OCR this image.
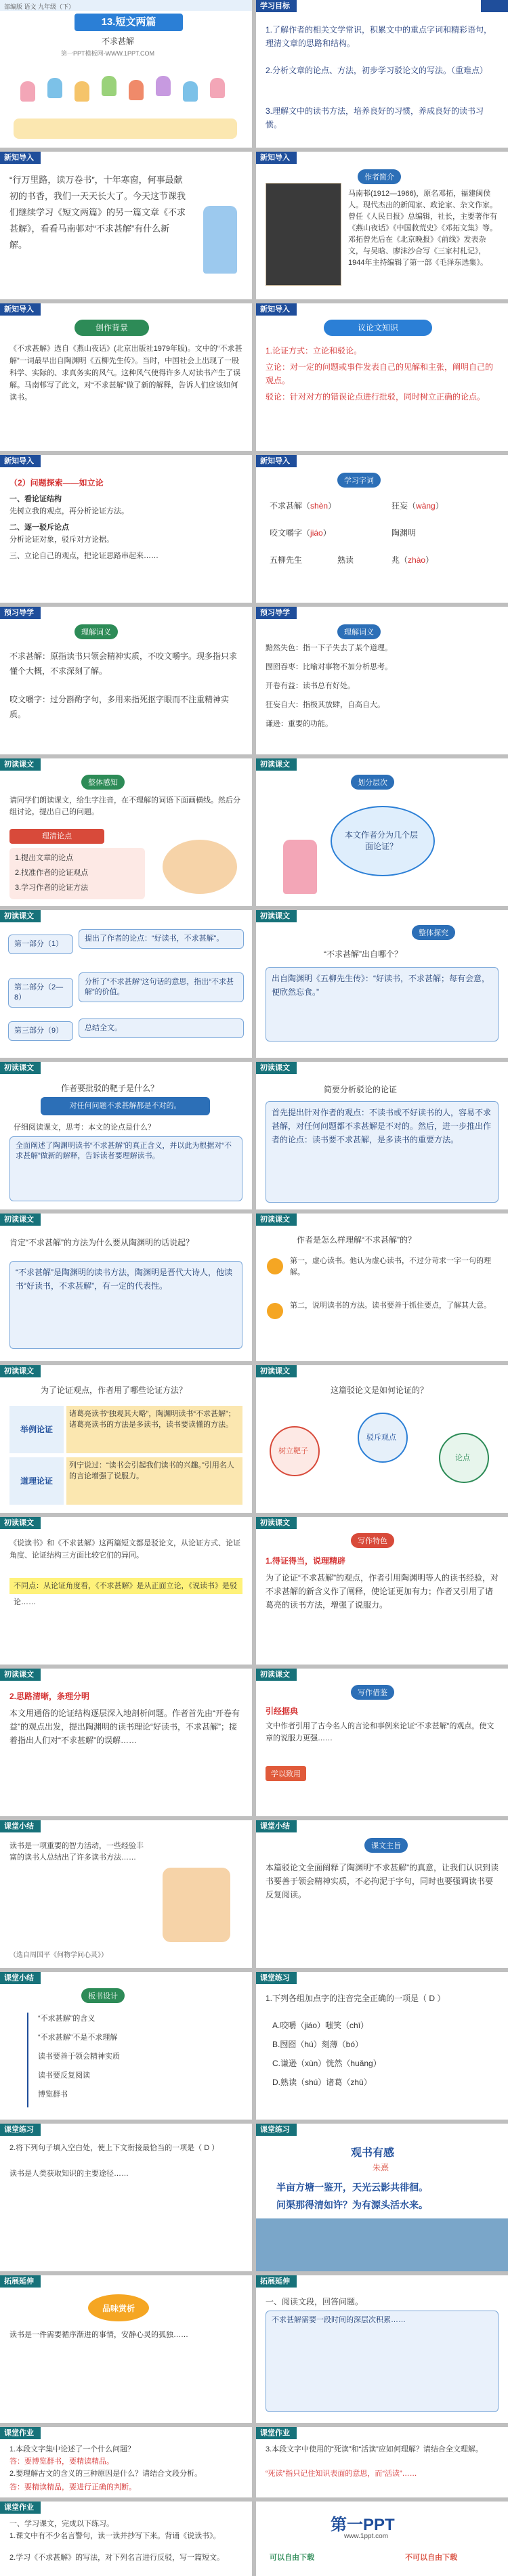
部编版 语文 九年级（下）
13.短文两篇
不求甚解
第一PPT模板网-WWW.1PPT.COM
学习目标
1.了解作者的相关文学常识，积累文中的重点字词和精彩语句，理清文章的思路和结构。
2.分析文章的论点、方法，初步学习驳论文的写法。（重难点）
3.理解文中的读书方法，培养良好的习惯，养成良好的读书习惯。
新知导入
“行万里路，读万卷书”，十年寒窗，何事最献初的书香，我们一天天长大了。今天这节课我们继续学习《短文两篇》的另一篇文章《不求甚解》，看看马南邨对“不求甚解”有什么新解。
新知导入
作者简介
马南邨(1912—1966)，原名邓拓，福建闽侯人。现代杰出的新闻家、政论家、杂文作家。曾任《人民日报》总编辑，社长，主要著作有《燕山夜话》《中国救荒史》《邓拓文集》等。邓拓曾先后在《北京晚报》《前线》发表杂文，与吴晗、廖沫沙合写《三家村札记》，1944年主持编辑了第一部《毛泽东选集》。
新知导入
创作背景
《不求甚解》选自《燕山夜话》(北京出版社1979年版)。文中的“不求甚解”一词最早出自陶渊明《五柳先生传》。当时，中国社会上出现了一股科学、实际的、求真务实的风气。这种风气使得许多人对读书产生了误解。马南邨写了此文，对“不求甚解”做了新的解释，告诉人们应该如何读书。
新知导入
议论文知识
1.论证方式：立论和驳论。
立论：对一定的问题或事件发表自己的见解和主张，阐明自己的观点。
驳论：针对对方的错误论点进行批驳，同时树立正确的论点。
新知导入
（2）问题探索——如立论
一、看论证结构
先树立我的观点，再分析论证方法。
二、逐一驳斥论点
分析论证对象，驳斥对方论据。
三、立论自己的观点，把论证思路串起来……
新知导入
学习字词
不求甚解（shèn）	狂妄（wàng）
咬文嚼字（jiáo）	陶渊明
五柳先生	熟读	兆（zhào）
预习导学
理解词义
不求甚解：原指读书只领会精神实质，不咬文嚼字。现多指只求懂个大概，不求深刻了解。
咬文嚼字：过分斟酌字句，多用来指死抠字眼而不注重精神实质。
预习导学
理解词义
黯然失色：指一下子失去了某个道理。
囫囵吞枣：比喻对事物不加分析思考。
开卷有益：读书总有好处。
狂妄自大：指极其放肆，自高自大。
谦逊：重要的功能。
初读课文
整体感知
请同学们朗读课文，给生字注音，在不理解的词语下面画横线。然后分组讨论，提出自己的问题。
理清论点
1.提出文章的论点
2.找准作者的论证观点
3.学习作者的论证方法
初读课文
划分层次
本文作者分为几个层面论证？
初读课文
第一部分（1）
提出了作者的论点：“好读书，不求甚解”。
第二部分（2—8）
分析了“不求甚解”这句话的意思，指出“不求甚解”的价值。
第三部分（9）	总结全文。
初读课文
整体探究
“不求甚解”出自哪个？
出自陶渊明《五柳先生传》：“好读书，不求甚解；每有会意，便欣然忘食。”
初读课文
作者要批驳的靶子是什么？
对任何问题不求甚解都是不对的。
仔细阅读课文，思考：本文的论点是什么？
全面阐述了陶渊明读书“不求甚解”的真正含义，并以此为根据对“不求甚解”做新的解释，告诉读者要理解读书。
初读课文
简要分析驳论的论证
首先提出针对作者的观点：不读书或不好读书的人，容易不求甚解，对任何问题都不求甚解是不对的。然后，进一步推出作者的论点：读书要不求甚解，是多读书的重要方法。
初读课文
肯定“不求甚解”的方法为什么要从陶渊明的话说起？
“不求甚解”是陶渊明的读书方法，陶渊明是晋代大诗人，他读书“好读书，不求甚解”，有一定的代表性。
初读课文
作者是怎么样理解“不求甚解”的？
第一，虚心读书。他认为虚心读书，不过分苛求一字一句的理解。
第二，说明读书的方法。读书要善于抓住要点，了解其大意。
初读课文
为了论证观点，作者用了哪些论证方法？
举例论证
诸葛亮读书“独观其大略”，陶渊明读书“不求甚解”；诸葛亮读书的方法是多读书，读书要读懂的方法。
道理论证
列宁说过：“读书会引起我们读书的兴趣。”引用名人的言论增强了说服力。
初读课文
这篇驳论文是如何论证的？
树立靶子
驳斥观点
论点
初读课文
《说读书》和《不求甚解》这两篇短文都是驳论文，从论证方式、论证角度、论证结构三方面比较它们的异同。
不同点：从论证角度看，《不求甚解》是从正面立论，《说读书》是驳论……
初读课文
写作特色
1.得证得当，说理精辟
为了论证“不求甚解”的观点，作者引用陶渊明等人的读书经验，对不求甚解的新含义作了阐释，使论证更加有力；作者又引用了诸葛亮的读书方法，增强了说服力。
初读课文
2.思路清晰，条理分明
本文用通俗的论证结构逐层深入地剖析问题。作者首先由“开卷有益”的观点出发，提出陶渊明的读书理论“好读书，不求甚解”；接着指出人们对“不求甚解”的误解……
初读课文
写作借鉴
引经据典
文中作者引用了古今名人的言论和事例来论证“不求甚解”的观点，使文章的说服力更强……
学以致用
课堂小结
读书是一项重要的智力活动，一些经验丰富的读书人总结出了许多读书方法……
（选自周国平《何物学问心灵》）
课堂小结
课文主旨
本篇驳论文全面阐释了陶渊明“不求甚解”的真意，让我们认识到读书要善于领会精神实质，不必拘泥于字句，同时也要强调读书要反复阅读。
课堂小结
板书设计
“不求甚解”的含义
“不求甚解”不是不求理解
读书要善于领会精神实质
读书要反复阅读
博览群书
课堂练习
1.下列各组加点字的注音完全正确的一项是（ D ）
A.咬嚼（jiáo）嗤笑（chī）
B.囫囵（hú）刻薄（bó）
C.谦逊（xùn）恍然（huǎng）
D.熟读（shú）诸葛（zhū）
课堂练习
2.将下列句子填入空白处，使上下文衔接最恰当的一项是（ D ）
读书是人类获取知识的主要途径……
课堂练习
观书有感
朱熹
半亩方塘一鉴开，天光云影共徘徊。
问渠那得清如许？为有源头活水来。
拓展延伸
品味赏析
读书是一件需要循序渐进的事情，安静心灵的孤独……
拓展延伸
一、阅读文段，回答问题。
不求甚解需要一段时间的深层次积累……
课堂作业
1.本段文字集中论述了一个什么问题？
答：要博览群书，要精读精品。
2.要理解古文的含义的三种原因是什么？请结合文段分析。
答：要精读精品，要进行正确的判断。
课堂作业
3.本段文字中使用的“死读”和“活读”应如何理解？请结合全文理解。
“死读”指只记住知识表面的意思，而“活读”……
课堂作业
一、学习课文，完成以下练习。
1.课文中有不少名言警句，读一读并抄写下来。背诵《说读书》。
2.学习《不求甚解》的写法，对下列名言进行反驳，写一篇短文。
第一PPT
www.1ppt.com
可以自由下载	不可以自由下载
